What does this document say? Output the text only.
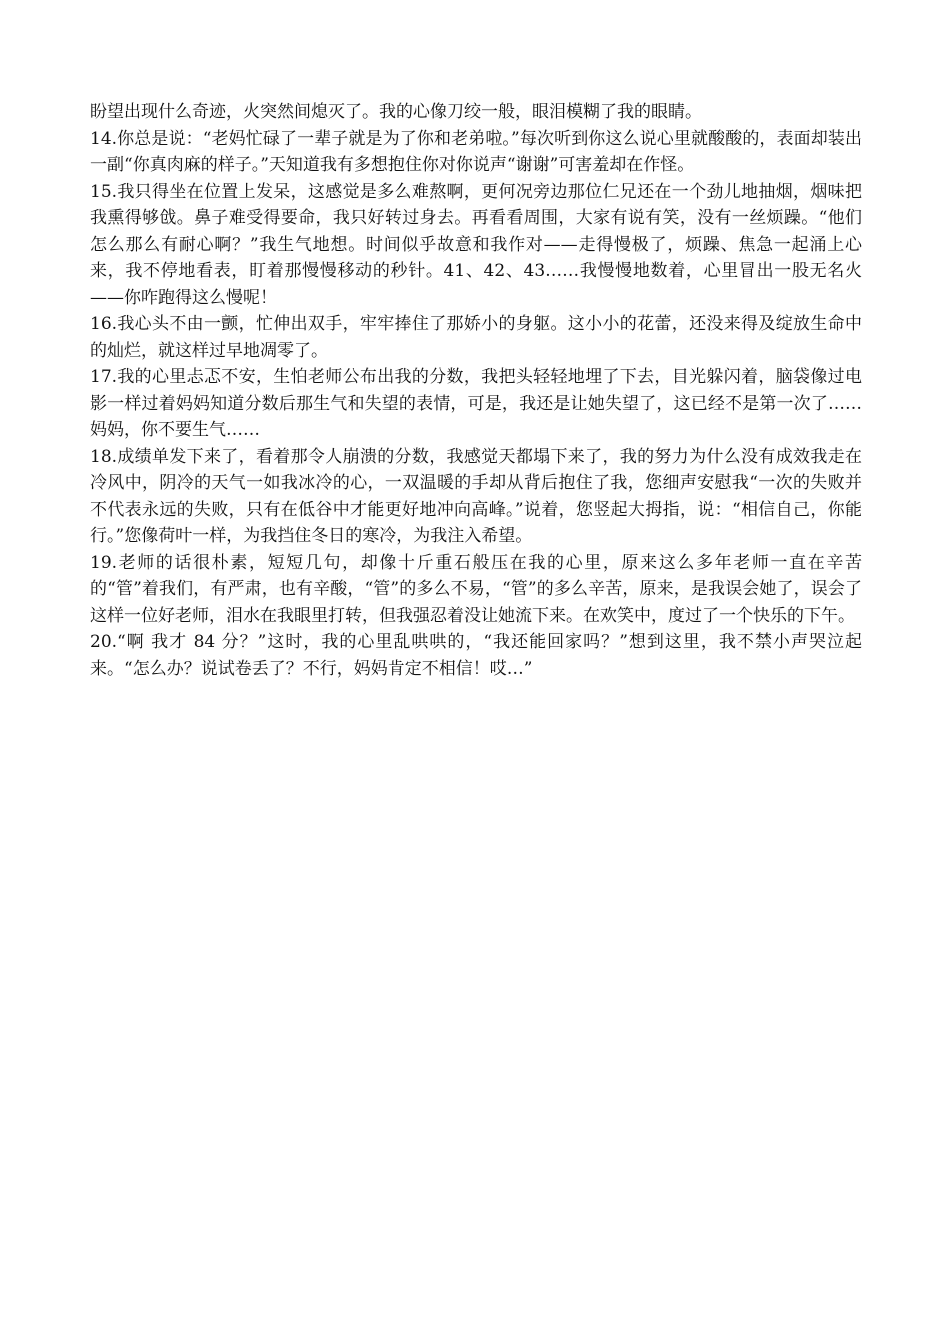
盼望出现什么奇迹，火突然间熄灭了。我的心像刀绞一般，眼泪模糊了我的眼睛。

14.你总是说：“老妈忙碌了一辈子就是为了你和老弟啦。”每次听到你这么说心里就酸酸的，表面却装出一副“你真肉麻的样子。”天知道我有多想抱住你对你说声“谢谢”可害羞却在作怪。

15.我只得坐在位置上发呆，这感觉是多么难熬啊，更何况旁边那位仁兄还在一个劲儿地抽烟，烟味把我熏得够戗。鼻子难受得要命，我只好转过身去。再看看周围，大家有说有笑，没有一丝烦躁。“他们怎么那么有耐心啊？”我生气地想。时间似乎故意和我作对——走得慢极了，烦躁、焦急一起涌上心来，我不停地看表，盯着那慢慢移动的秒针。41、42、43……我慢慢地数着，心里冒出一股无名火——你咋跑得这么慢呢！

16.我心头不由一颤，忙伸出双手，牢牢捧住了那娇小的身躯。这小小的花蕾，还没来得及绽放生命中的灿烂，就这样过早地凋零了。

17.我的心里忐忑不安，生怕老师公布出我的分数，我把头轻轻地埋了下去，目光躲闪着，脑袋像过电影一样过着妈妈知道分数后那生气和失望的表情，可是，我还是让她失望了，这已经不是第一次了……妈妈，你不要生气……

18.成绩单发下来了，看着那令人崩溃的分数，我感觉天都塌下来了，我的努力为什么没有成效我走在冷风中，阴冷的天气一如我冰冷的心，一双温暖的手却从背后抱住了我，您细声安慰我“一次的失败并不代表永远的失败，只有在低谷中才能更好地冲向高峰。”说着，您竖起大拇指，说：“相信自己，你能行。”您像荷叶一样，为我挡住冬日的寒冷，为我注入希望。

19.老师的话很朴素，短短几句，却像十斤重石般压在我的心里，原来这么多年老师一直在辛苦的“管”着我们，有严肃，也有辛酸，“管”的多么不易，“管”的多么辛苦，原来，是我误会她了，误会了这样一位好老师，泪水在我眼里打转，但我强忍着没让她流下来。在欢笑中，度过了一个快乐的下午。

20.“啊 我才 84 分？”这时，我的心里乱哄哄的，“我还能回家吗？”想到这里，我不禁小声哭泣起来。“怎么办？说试卷丢了？不行，妈妈肯定不相信！哎…”
